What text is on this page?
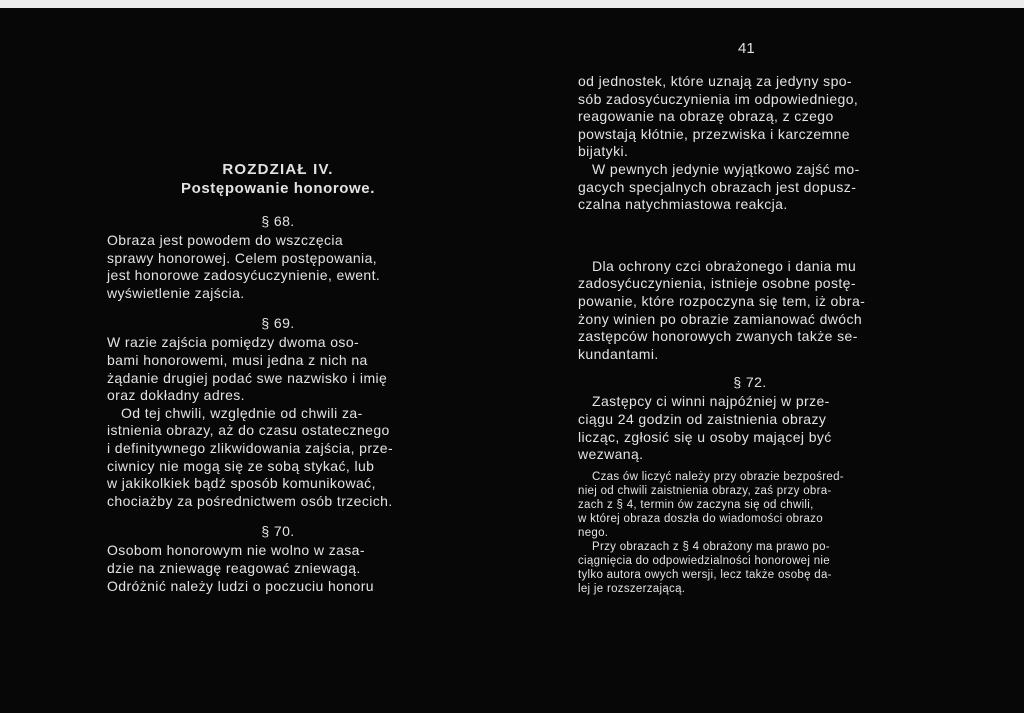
41
ROZDZIAŁ IV.
Postępowanie honorowe.
§ 68.

Obraza jest powodem do wszczęcia
sprawy honorowej. Celem postępowania,
jest honorowe zadosyćuczynienie, ewent.
wyświetlenie zajścia.

§ 69.

W razie zajścia pomiędzy dwoma oso-
bami honorowemi, musi jedna z nich na
żądanie drugiej podać swe nazwisko i imię
oraz dokładny adres.

Od tej chwili, względnie od chwili za-
istnienia obrazy, aż do czasu ostatecznego
i definitywnego zlikwidowania zajścia, prze-
ciwnicy nie mogą się ze sobą stykać, lub
w jakikolkiek bądź sposób komunikować,
chociażby za pośrednictwem osób trzecich.

§ 70.

Osobom honorowym nie wolno w zasa-
dzie na zniewagę reagować zniewagą.
Odróżnić należy ludzi o poczuciu honoru

od jednostek, które uznają za jedyny spo-
sób zadosyćuczynienia im odpowiedniego,
reagowanie na obrazę obrazą, z czego
powstają kłótnie, przezwiska i karczemne
bijatyki.

W pewnych jedynie wyjątkowo zajść mo-
gacych specjalnych obrazach jest dopusz-
czalna natychmiastowa reakcja.

Dla ochrony czci obrażonego i dania mu
zadosyćuczynienia, istnieje osobne postę-
powanie, które rozpoczyna się tem, iż obra-
żony winien po obrazie zamianować dwóch
zastępców honorowych zwanych także se-
kundantami.

§ 72.

Zastępcy ci winni najpóźniej w prze-
ciągu 24 godzin od zaistnienia obrazy
licząc, zgłosić się u osoby mającej być
wezwaną.

Czas ów liczyć należy przy obrazie bezpośred-
niej od chwili zaistnienia obrazy, zaś przy obra-
zach z § 4, termin ów zaczyna się od chwili,
w której obraza doszła do wiadomości obrazo
nego.

Przy obrazach z § 4 obrażony ma prawo po-
ciągnięcia do odpowiedzialności honorowej nie
tylko autora owych wersji, lecz także osobę da-
lej je rozszerzającą.
